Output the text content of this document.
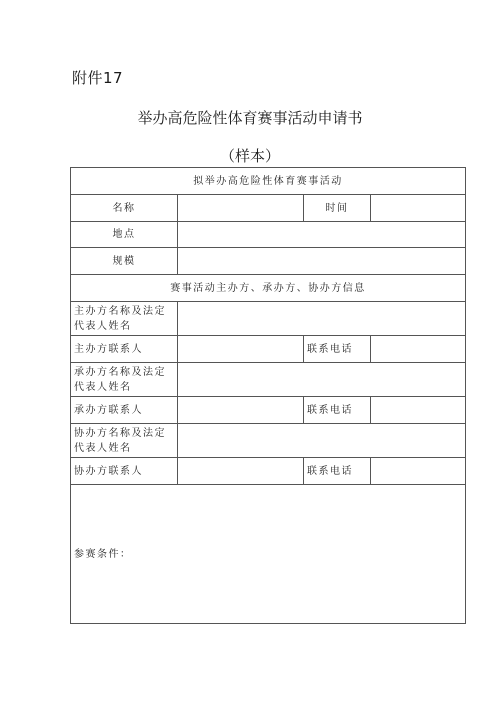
附件17
举办高危险性体育赛事活动申请书
（样本）
拟举办高危险性体育赛事活动			
名称		时间	
地点			
规模			
赛事活动主办方、承办方、协办方信息			
主办方名称及法定代表人姓名			
主办方联系人		联系电话	
承办方名称及法定代表人姓名			
承办方联系人		联系电话	
协办方名称及法定代表人姓名			
协办方联系人		联系电话	
参赛条件：			
